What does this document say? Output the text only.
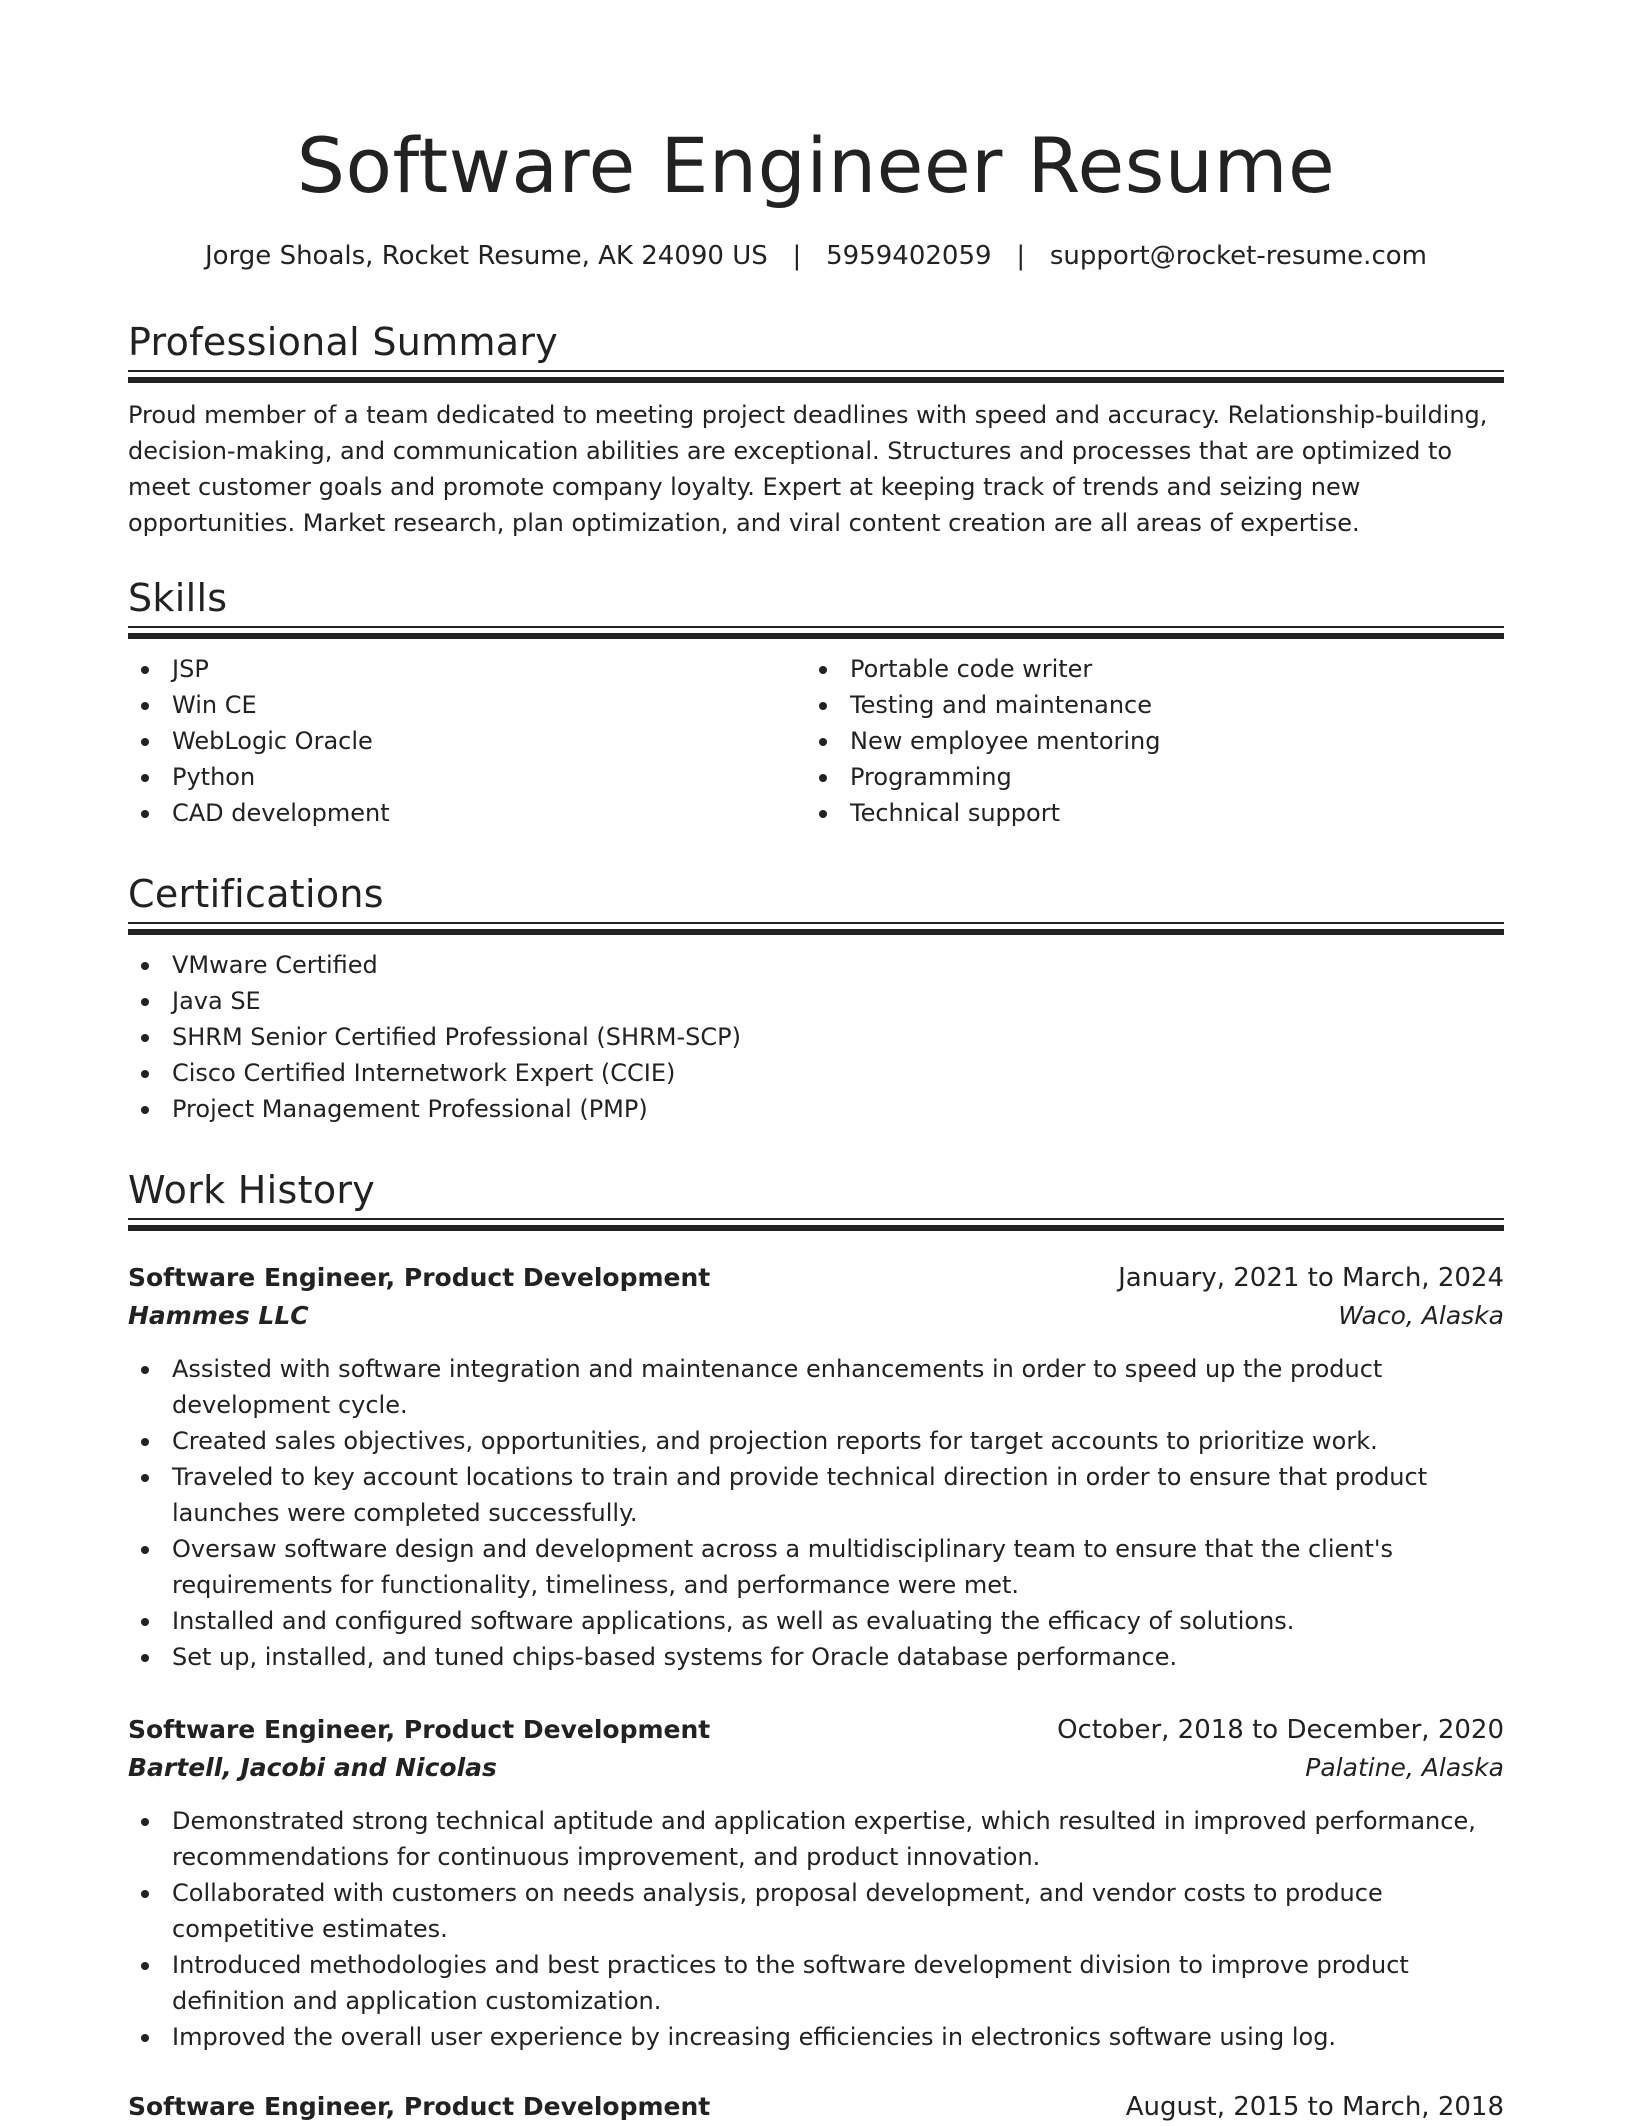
Software Engineer Resume
Jorge Shoals, Rocket Resume, AK 24090 US   |   5959402059   |   support@rocket-resume.com
Professional Summary
Proud member of a team dedicated to meeting project deadlines with speed and accuracy. Relationship-building, decision-making, and communication abilities are exceptional. Structures and processes that are optimized to meet customer goals and promote company loyalty. Expert at keeping track of trends and seizing new opportunities. Market research, plan optimization, and viral content creation are all areas of expertise.
Skills
JSP
Win CE
WebLogic Oracle
Python
CAD development
Portable code writer
Testing and maintenance
New employee mentoring
Programming
Technical support
Certifications
VMware Certified
Java SE
SHRM Senior Certified Professional (SHRM-SCP)
Cisco Certified Internetwork Expert (CCIE)
Project Management Professional (PMP)
Work History
Software Engineer, Product Development	January, 2021 to March, 2024
Hammes LLC	Waco, Alaska
Assisted with software integration and maintenance enhancements in order to speed up the product development cycle.
Created sales objectives, opportunities, and projection reports for target accounts to prioritize work.
Traveled to key account locations to train and provide technical direction in order to ensure that product launches were completed successfully.
Oversaw software design and development across a multidisciplinary team to ensure that the client's requirements for functionality, timeliness, and performance were met.
Installed and configured software applications, as well as evaluating the efficacy of solutions.
Set up, installed, and tuned chips-based systems for Oracle database performance.
Software Engineer, Product Development	October, 2018 to December, 2020
Bartell, Jacobi and Nicolas	Palatine, Alaska
Demonstrated strong technical aptitude and application expertise, which resulted in improved performance, recommendations for continuous improvement, and product innovation.
Collaborated with customers on needs analysis, proposal development, and vendor costs to produce competitive estimates.
Introduced methodologies and best practices to the software development division to improve product definition and application customization.
Improved the overall user experience by increasing efficiencies in electronics software using log.
Software Engineer, Product Development	August, 2015 to March, 2018
